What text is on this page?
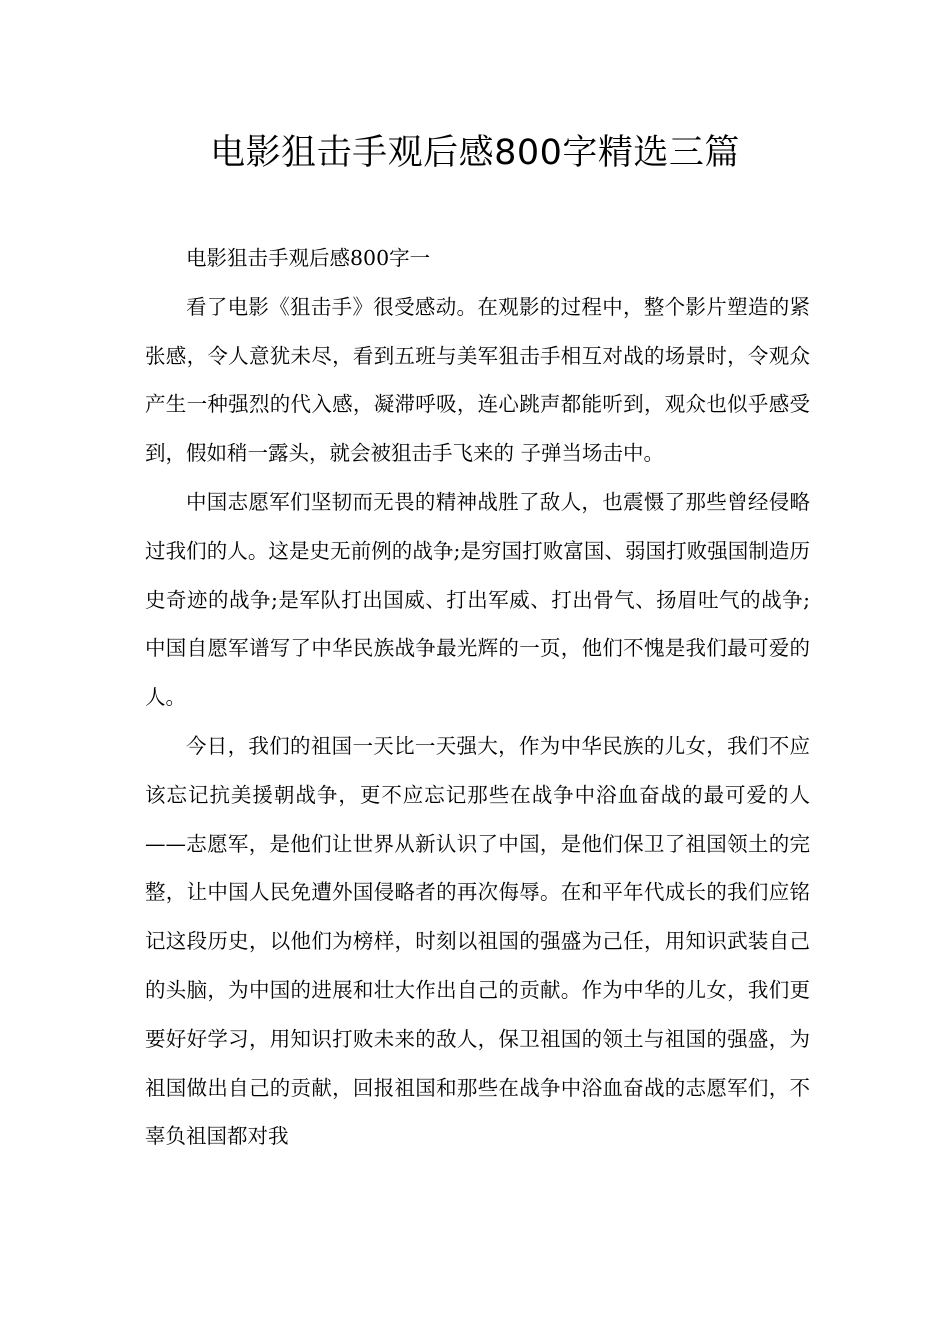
电影狙击手观后感800字精选三篇

电影狙击手观后感800字一

看了电影《狙击手》很受感动。在观影的过程中，整个影片塑造的紧张感，令人意犹未尽，看到五班与美军狙击手相互对战的场景时，令观众产生一种强烈的代入感，凝滞呼吸，连心跳声都能听到，观众也似乎感受到，假如稍一露头，就会被狙击手飞来的 子弹当场击中。

中国志愿军们坚韧而无畏的精神战胜了敌人，也震慑了那些曾经侵略过我们的人。这是史无前例的战争;是穷国打败富国、弱国打败强国制造历史奇迹的战争;是军队打出国威、打出军威、打出骨气、扬眉吐气的战争;中国自愿军谱写了中华民族战争最光辉的一页，他们不愧是我们最可爱的人。

今日，我们的祖国一天比一天强大，作为中华民族的儿女，我们不应该忘记抗美援朝战争，更不应忘记那些在战争中浴血奋战的最可爱的人——志愿军，是他们让世界从新认识了中国，是他们保卫了祖国领土的完整，让中国人民免遭外国侵略者的再次侮辱。在和平年代成长的我们应铭记这段历史，以他们为榜样，时刻以祖国的强盛为己任，用知识武装自己的头脑，为中国的进展和壮大作出自己的贡献。作为中华的儿女，我们更要好好学习，用知识打败未来的敌人，保卫祖国的领土与祖国的强盛，为祖国做出自己的贡献，回报祖国和那些在战争中浴血奋战的志愿军们，不辜负祖国都对我
